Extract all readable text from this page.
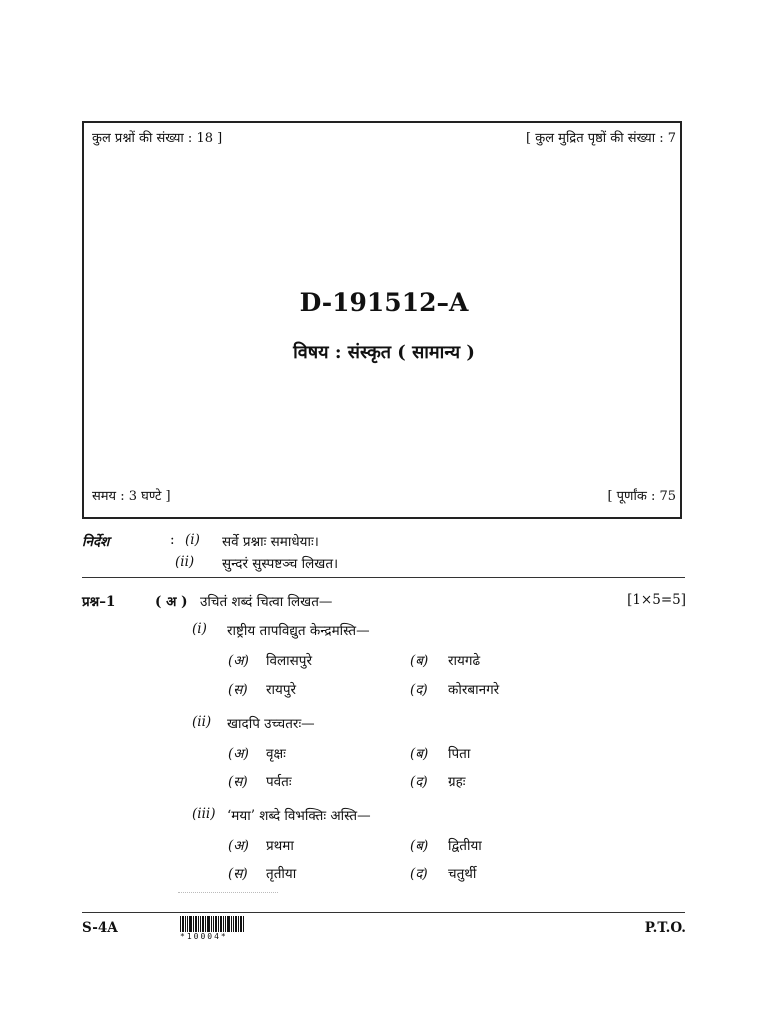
कुल प्रश्नों की संख्या : 18 ]	[ कुल मुद्रित पृष्ठों की संख्या : 7
D-191512–A
विषय : संस्कृत ( सामान्य )
समय : 3 घण्टे ]	[ पूर्णांक : 75
निर्देश	: (i) सर्वे प्रश्नाः समाधेयाः।
(ii) सुन्दरं सुस्पष्टञ्च लिखत।
प्रश्न–1	( अ ) उचितं शब्दं चित्वा लिखत—	[1×5=5]
(i) राष्ट्रीय तापविद्युत केन्द्रमस्ति—
(अ) विलासपुरे	(ब) रायगढे
(स) रायपुरे	(द) कोरबानगरे
(ii) खादपि उच्चतरः—
(अ) वृक्षः	(ब) पिता
(स) पर्वतः	(द) ग्रहः
(iii) ‘मया’ शब्दे विभक्तिः अस्ति—
(अ) प्रथमा	(ब) द्वितीया
(स) तृतीया	(द) चतुर्थी
S-4A
*10004*
P.T.O.
